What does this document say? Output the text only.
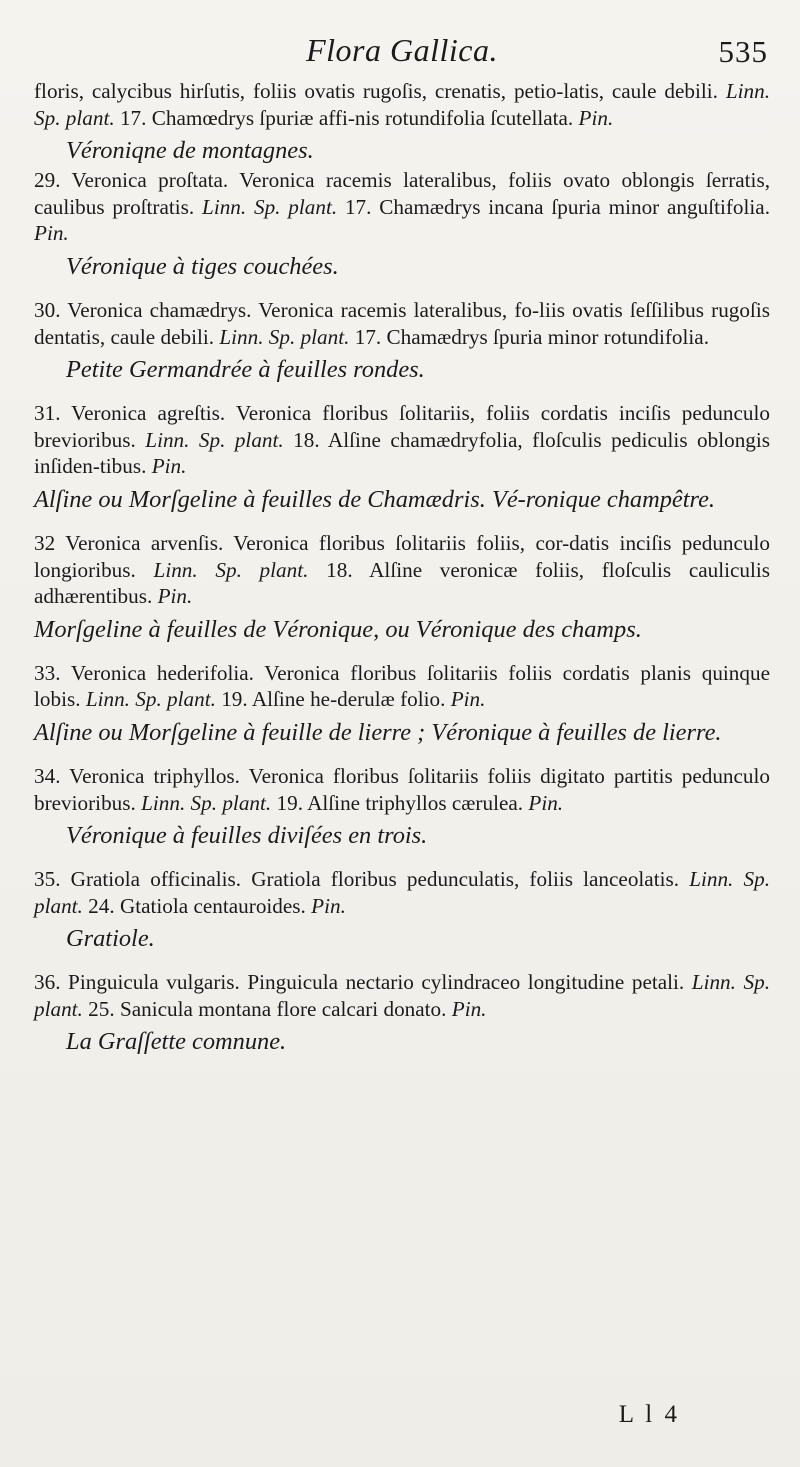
Flora Gallica.	535

floris, calycibus hirſutis, foliis ovatis rugoſis, crenatis, petio-latis, caule debili. Linn. Sp. plant. 17. Chamœdrys ſpuriæ affi-nis rotundifolia ſcutellata. Pin.

Véroniqne de montagnes.

29. Veronica proſtata. Veronica racemis lateralibus, foliis ovato oblongis ſerratis, caulibus proſtratis. Linn. Sp. plant. 17. Chamædrys incana ſpuria minor anguſtifolia. Pin.

Véronique à tiges couchées.

30. Veronica chamædrys. Veronica racemis lateralibus, fo-liis ovatis ſeſſilibus rugoſis dentatis, caule debili. Linn. Sp. plant. 17. Chamædrys ſpuria minor rotundifolia.

Petite Germandrée à feuilles rondes.

31. Veronica agreſtis. Veronica floribus ſolitariis, foliis cordatis inciſis pedunculo brevioribus. Linn. Sp. plant. 18. Alſine chamædryfolia, floſculis pediculis oblongis inſiden-tibus. Pin.

Alſine ou Morſgeline à feuilles de Chamædris. Vé-ronique champêtre.

32 Veronica arvenſis. Veronica floribus ſolitariis foliis, cor-datis inciſis pedunculo longioribus. Linn. Sp. plant. 18. Alſine veronicæ foliis, floſculis cauliculis adhærentibus. Pin.

Morſgeline à feuilles de Véronique, ou Véronique des champs.

33. Veronica hederifolia. Veronica floribus ſolitariis foliis cordatis planis quinque lobis. Linn. Sp. plant. 19. Alſine he-derulæ folio. Pin.

Alſine ou Morſgeline à feuille de lierre ; Véronique à feuilles de lierre.

34. Veronica triphyllos. Veronica floribus ſolitariis foliis digitato partitis pedunculo brevioribus. Linn. Sp. plant. 19. Alſine triphyllos cærulea. Pin.

Véronique à feuilles diviſées en trois.

35. Gratiola officinalis. Gratiola floribus pedunculatis, foliis lanceolatis. Linn. Sp. plant. 24. Gtatiola centauroides. Pin.

Gratiole.

36. Pinguicula vulgaris. Pinguicula nectario cylindraceo longitudine petali. Linn. Sp. plant. 25. Sanicula montana flore calcari donato. Pin.

La Graſſette comnune.

L l 4
